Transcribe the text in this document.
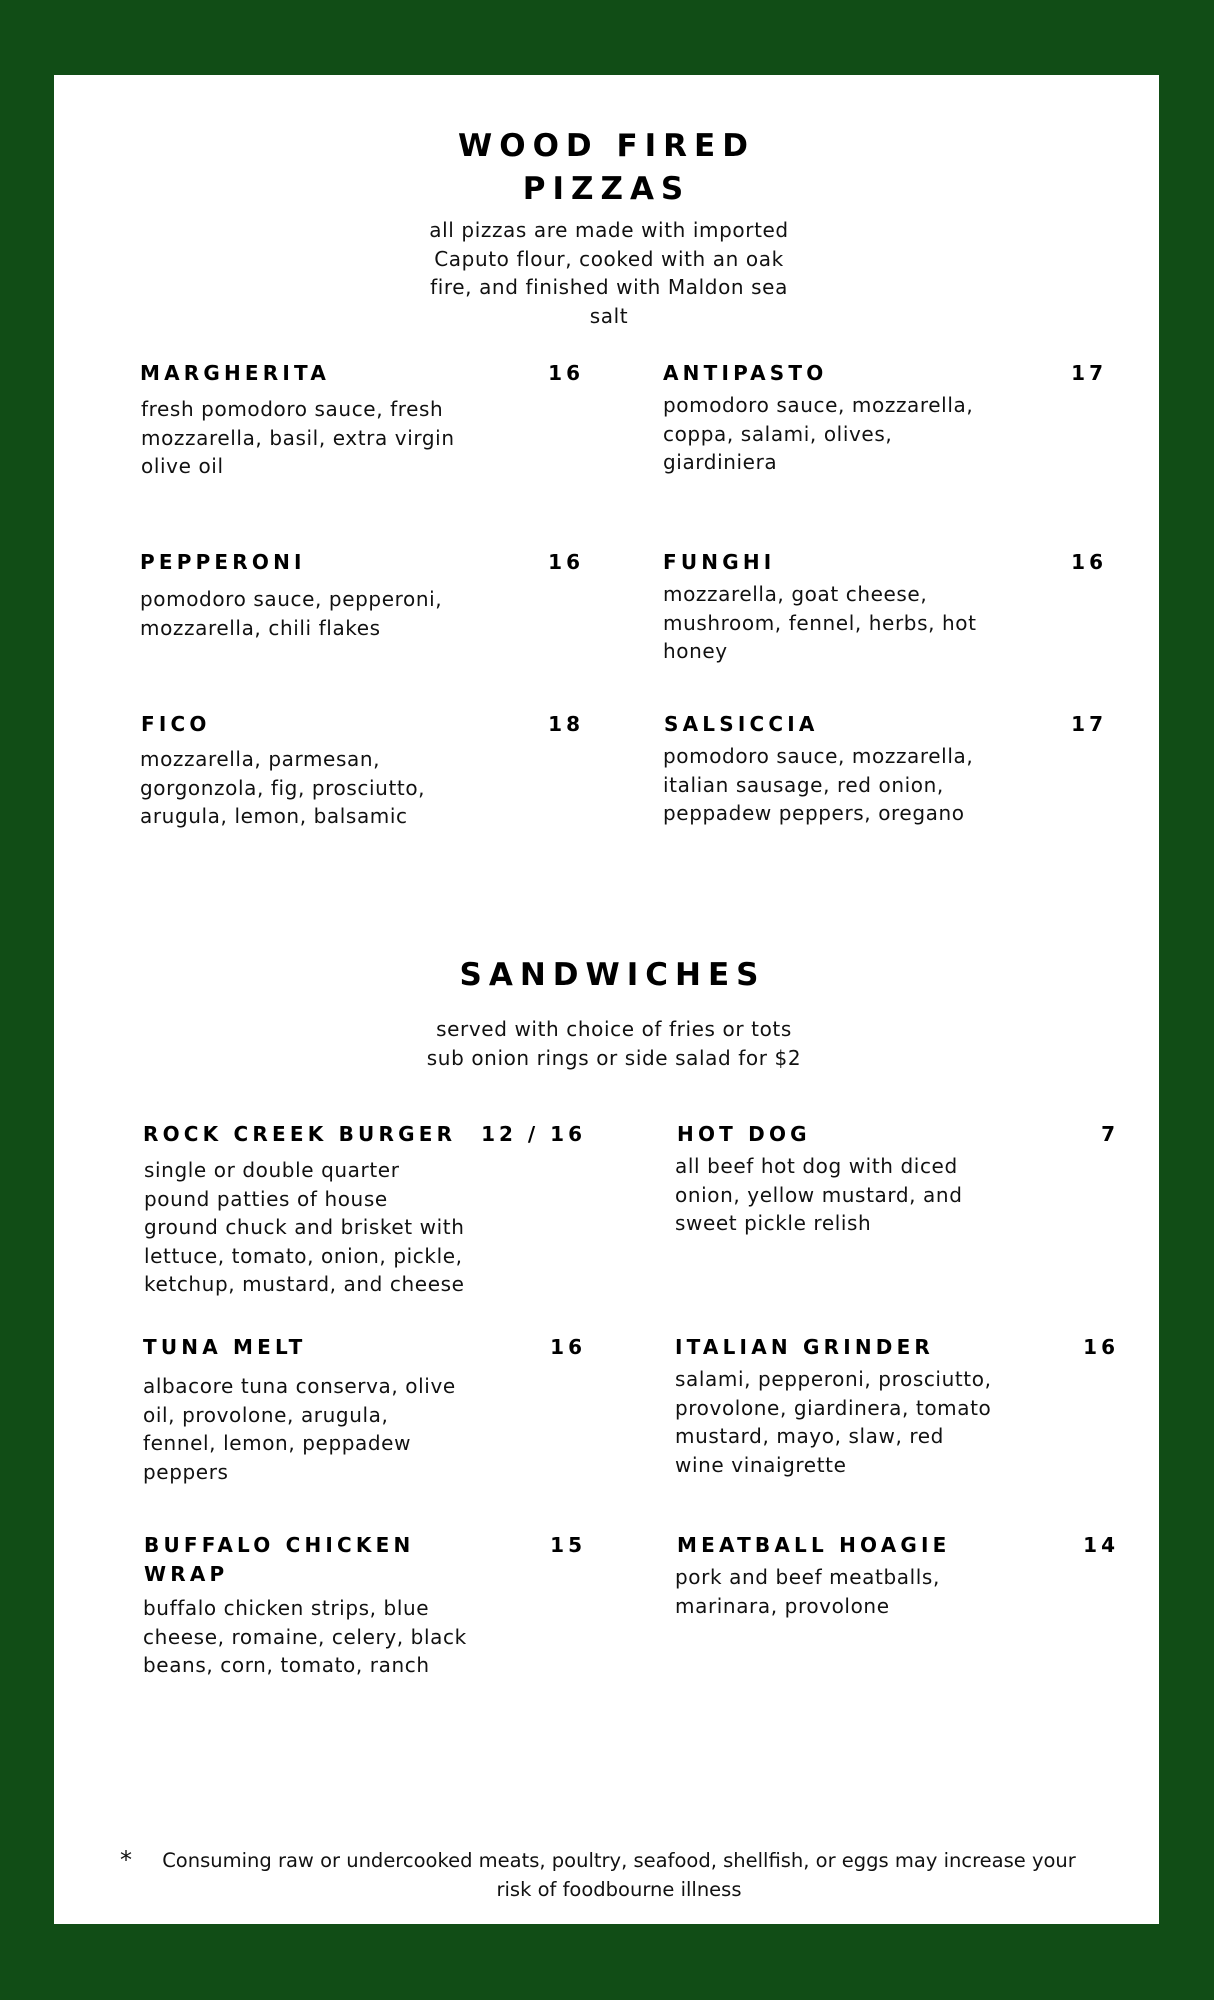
WOOD FIRED
PIZZAS
all pizzas are made with imported
Caputo flour, cooked with an oak
fire, and finished with Maldon sea
salt
MARGHERITA	16
fresh pomodoro sauce, fresh
mozzarella, basil, extra virgin
olive oil
ANTIPASTO	17
pomodoro sauce, mozzarella,
coppa, salami, olives,
giardiniera
PEPPERONI	16
pomodoro sauce, pepperoni,
mozzarella, chili flakes
FUNGHI	16
mozzarella, goat cheese,
mushroom, fennel, herbs, hot
honey
FICO	18
mozzarella, parmesan,
gorgonzola, fig, prosciutto,
arugula, lemon, balsamic
SALSICCIA	17
pomodoro sauce, mozzarella,
italian sausage, red onion,
peppadew peppers, oregano
SANDWICHES
served with choice of fries or tots
sub onion rings or side salad for $2
ROCK CREEK BURGER	12 / 16
single or double quarter
pound patties of house
ground chuck and brisket with
lettuce, tomato, onion, pickle,
ketchup, mustard, and cheese
HOT DOG	7
all beef hot dog with diced
onion, yellow mustard, and
sweet pickle relish
TUNA MELT	16
albacore tuna conserva, olive
oil, provolone, arugula,
fennel, lemon, peppadew
peppers
ITALIAN GRINDER	16
salami, pepperoni, prosciutto,
provolone, giardinera, tomato
mustard, mayo, slaw, red
wine vinaigrette
BUFFALO CHICKEN
WRAP
15
buffalo chicken strips, blue
cheese, romaine, celery, black
beans, corn, tomato, ranch
MEATBALL HOAGIE	14
pork and beef meatballs,
marinara, provolone
* Consuming raw or undercooked meats, poultry, seafood, shellfish, or eggs may increase your
risk of foodbourne illness
